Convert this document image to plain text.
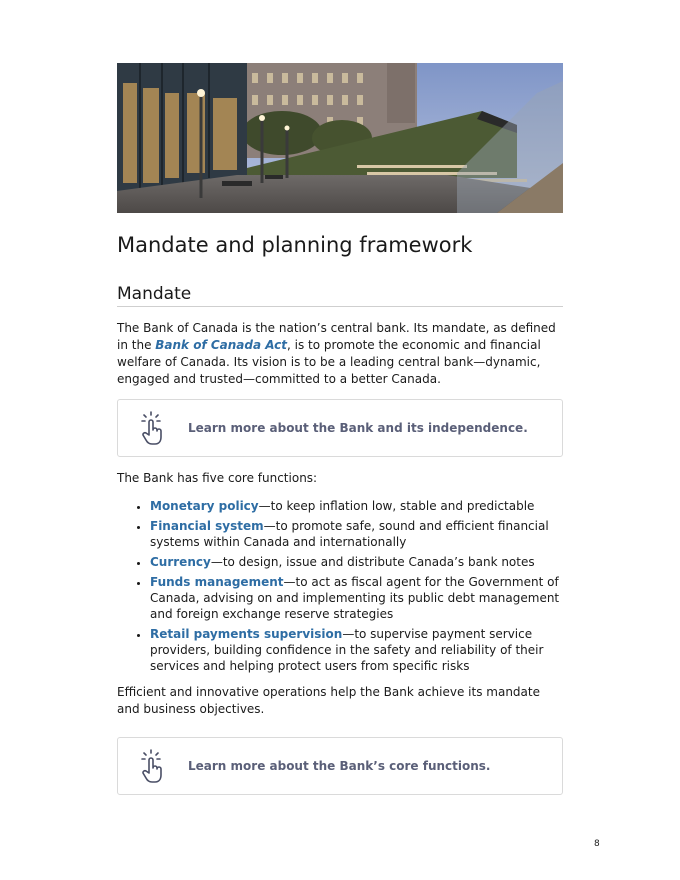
Mandate and planning framework
Mandate

The Bank of Canada is the nation’s central bank. Its mandate, as defined in the Bank of Canada Act, is to promote the economic and financial welfare of Canada. Its vision is to be a leading central bank—dynamic, engaged and trusted—committed to a better Canada.

Learn more about the Bank and its independence.

The Bank has five core functions:

• Monetary policy—to keep inflation low, stable and predictable
• Financial system—to promote safe, sound and efficient financial systems within Canada and internationally
• Currency—to design, issue and distribute Canada’s bank notes
• Funds management—to act as fiscal agent for the Government of Canada, advising on and implementing its public debt management and foreign exchange reserve strategies
• Retail payments supervision—to supervise payment service providers, building confidence in the safety and reliability of their services and helping protect users from specific risks

Efficient and innovative operations help the Bank achieve its mandate and business objectives.

Learn more about the Bank’s core functions.
8
